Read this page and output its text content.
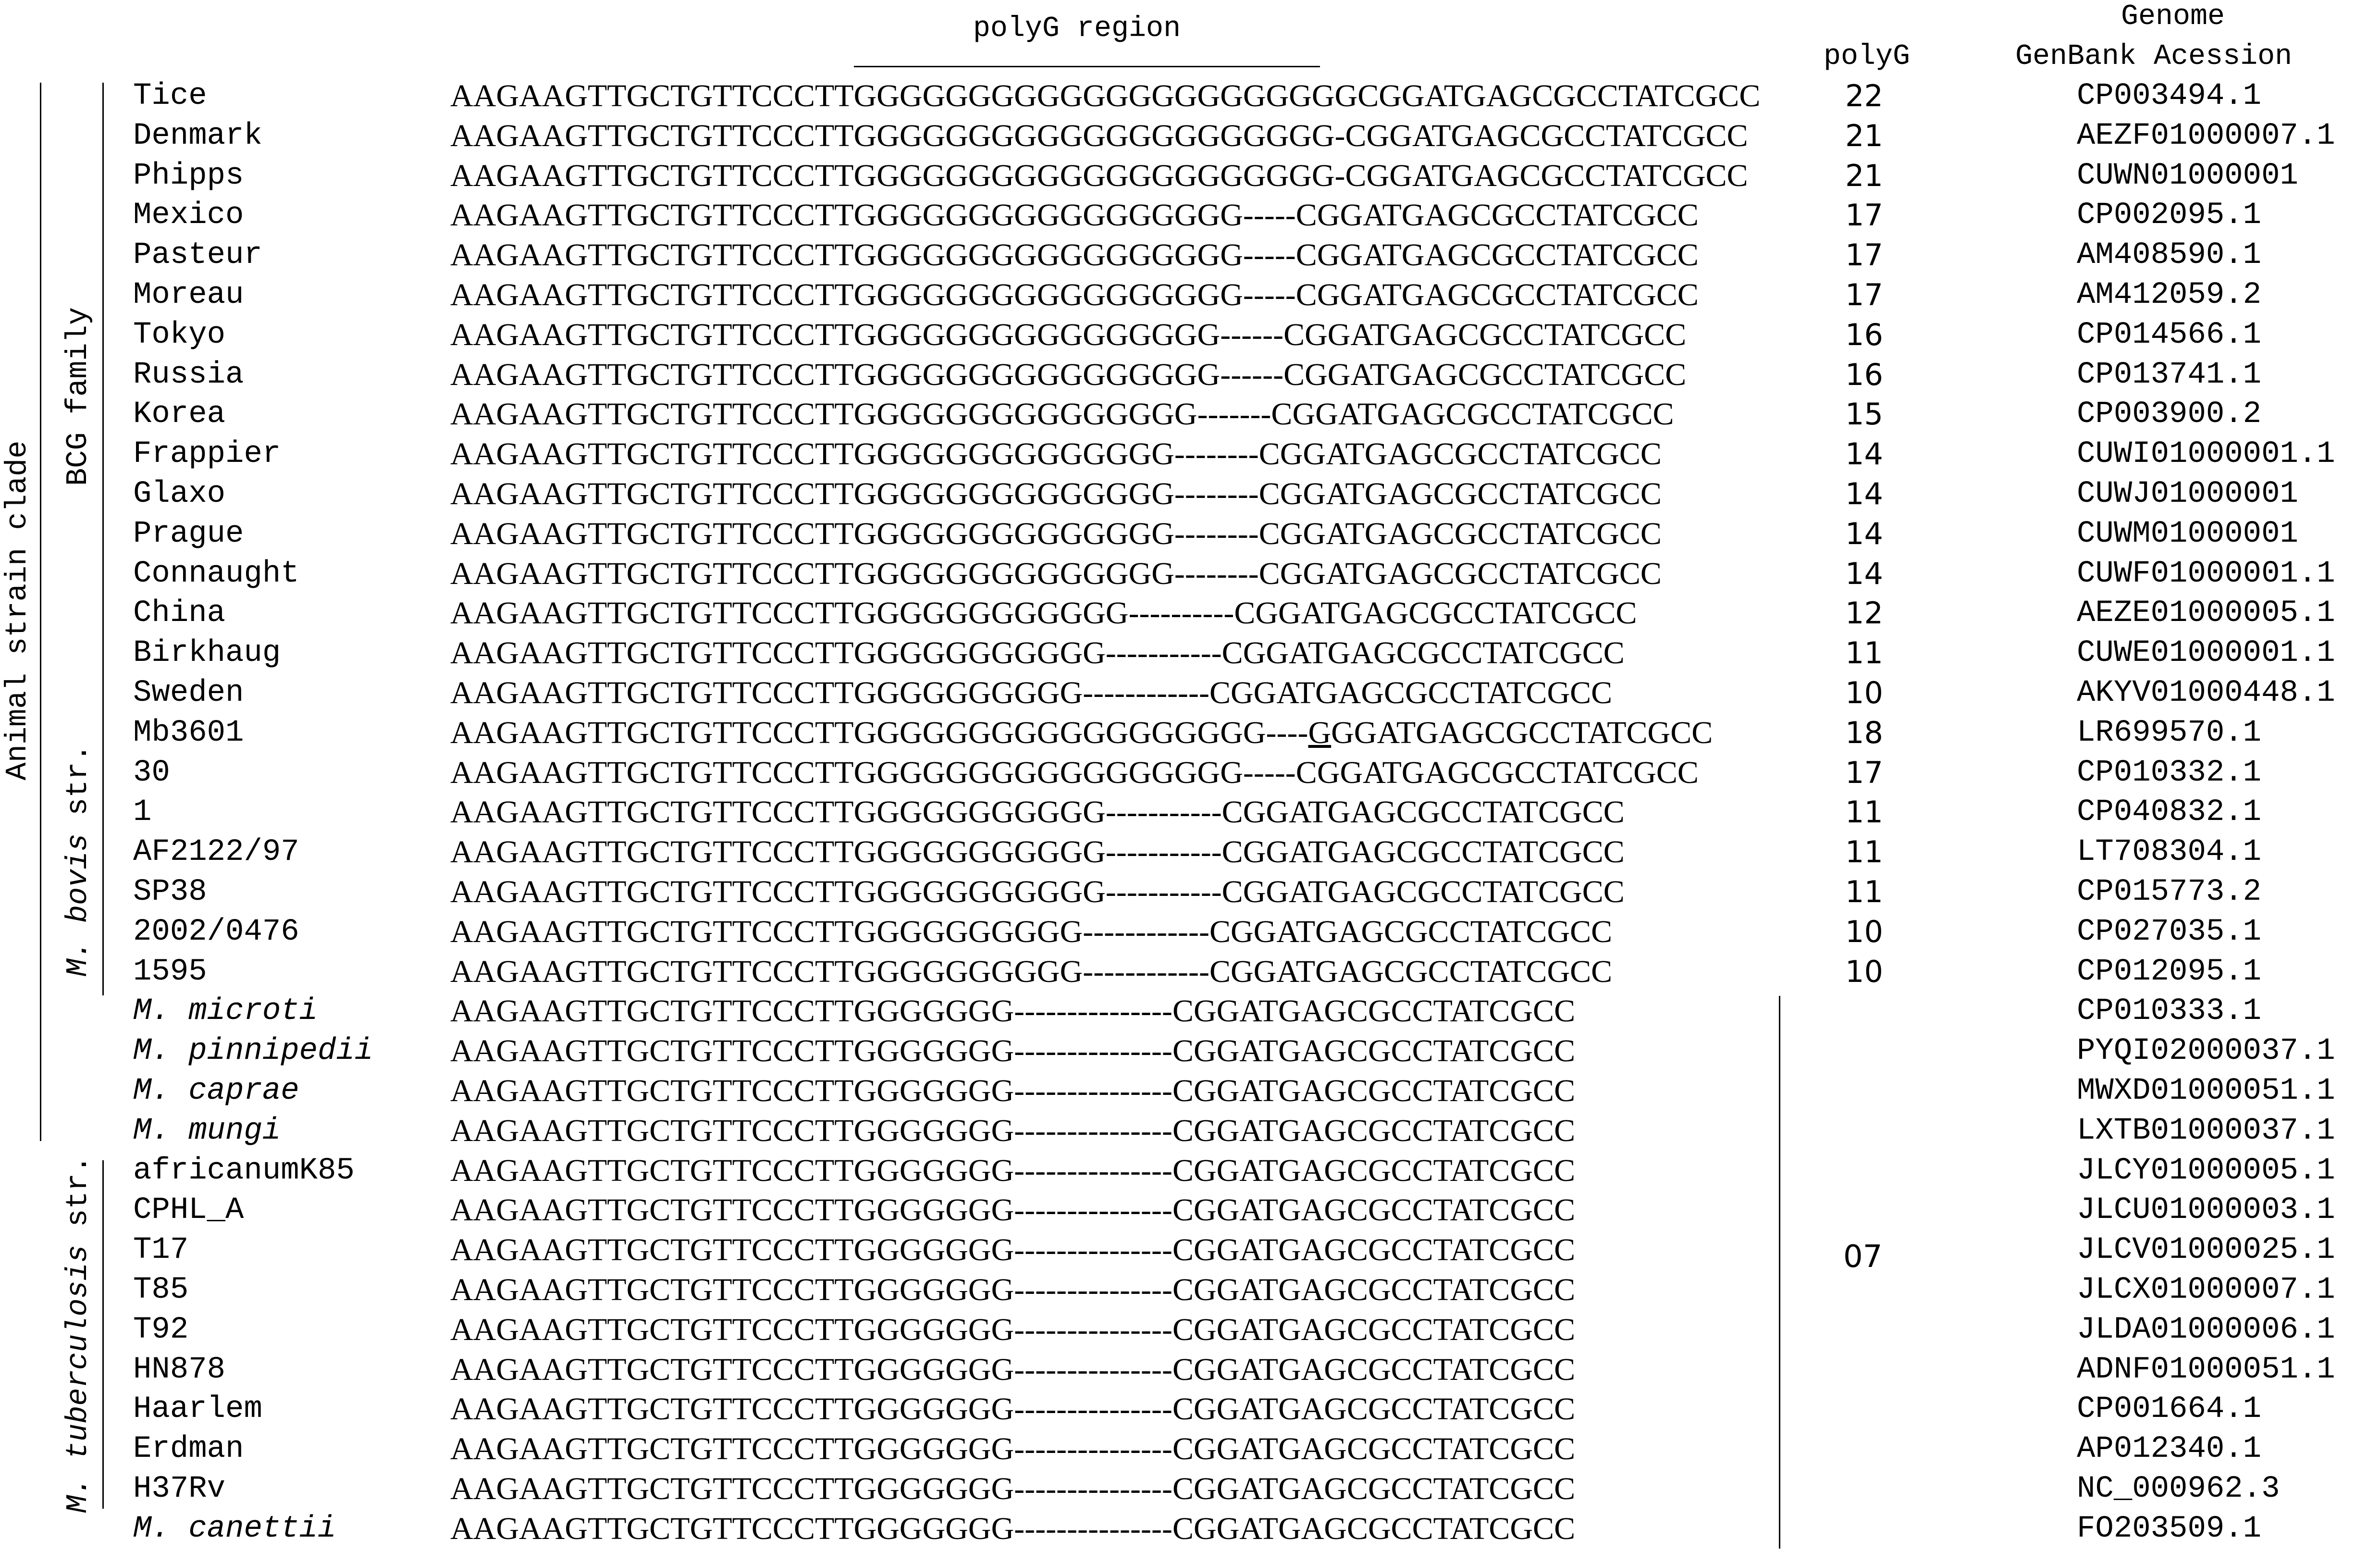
polyG region	Genome
polyG	GenBank Acession
Animal strain clade
BCG family
M. bovis str.
M. tuberculosis str.
07
Tice	AAGAAGTTGCTGTTCCCTTGGGGGGGGGGGGGGGGGGGGGGCGGATGAGCGCCTATCGCC	22	CP003494.1
Denmark	AAGAAGTTGCTGTTCCCTTGGGGGGGGGGGGGGGGGGGGG-CGGATGAGCGCCTATCGCC	21	AEZF01000007.1
Phipps	AAGAAGTTGCTGTTCCCTTGGGGGGGGGGGGGGGGGGGGG-CGGATGAGCGCCTATCGCC	21	CUWN01000001
Mexico	AAGAAGTTGCTGTTCCCTTGGGGGGGGGGGGGGGGG-----CGGATGAGCGCCTATCGCC	17	CP002095.1
Pasteur	AAGAAGTTGCTGTTCCCTTGGGGGGGGGGGGGGGGG-----CGGATGAGCGCCTATCGCC	17	AM408590.1
Moreau	AAGAAGTTGCTGTTCCCTTGGGGGGGGGGGGGGGGG-----CGGATGAGCGCCTATCGCC	17	AM412059.2
Tokyo	AAGAAGTTGCTGTTCCCTTGGGGGGGGGGGGGGGG------CGGATGAGCGCCTATCGCC	16	CP014566.1
Russia	AAGAAGTTGCTGTTCCCTTGGGGGGGGGGGGGGGG------CGGATGAGCGCCTATCGCC	16	CP013741.1
Korea	AAGAAGTTGCTGTTCCCTTGGGGGGGGGGGGGGG-------CGGATGAGCGCCTATCGCC	15	CP003900.2
Frappier	AAGAAGTTGCTGTTCCCTTGGGGGGGGGGGGGG--------CGGATGAGCGCCTATCGCC	14	CUWI01000001.1
Glaxo	AAGAAGTTGCTGTTCCCTTGGGGGGGGGGGGGG--------CGGATGAGCGCCTATCGCC	14	CUWJ01000001
Prague	AAGAAGTTGCTGTTCCCTTGGGGGGGGGGGGGG--------CGGATGAGCGCCTATCGCC	14	CUWM01000001
Connaught	AAGAAGTTGCTGTTCCCTTGGGGGGGGGGGGGG--------CGGATGAGCGCCTATCGCC	14	CUWF01000001.1
China	AAGAAGTTGCTGTTCCCTTGGGGGGGGGGGG----------CGGATGAGCGCCTATCGCC	12	AEZE01000005.1
Birkhaug	AAGAAGTTGCTGTTCCCTTGGGGGGGGGGG-----------CGGATGAGCGCCTATCGCC	11	CUWE01000001.1
Sweden	AAGAAGTTGCTGTTCCCTTGGGGGGGGGG------------CGGATGAGCGCCTATCGCC	10	AKYV01000448.1
Mb3601	AAGAAGTTGCTGTTCCCTTGGGGGGGGGGGGGGGGGG----GGGATGAGCGCCTATCGCC	18	LR699570.1
30	AAGAAGTTGCTGTTCCCTTGGGGGGGGGGGGGGGGG-----CGGATGAGCGCCTATCGCC	17	CP010332.1
1	AAGAAGTTGCTGTTCCCTTGGGGGGGGGGG-----------CGGATGAGCGCCTATCGCC	11	CP040832.1
AF2122/97	AAGAAGTTGCTGTTCCCTTGGGGGGGGGGG-----------CGGATGAGCGCCTATCGCC	11	LT708304.1
SP38	AAGAAGTTGCTGTTCCCTTGGGGGGGGGGG-----------CGGATGAGCGCCTATCGCC	11	CP015773.2
2002/0476	AAGAAGTTGCTGTTCCCTTGGGGGGGGGG------------CGGATGAGCGCCTATCGCC	10	CP027035.1
1595	AAGAAGTTGCTGTTCCCTTGGGGGGGGGG------------CGGATGAGCGCCTATCGCC	10	CP012095.1
M. microti	AAGAAGTTGCTGTTCCCTTGGGGGGG---------------CGGATGAGCGCCTATCGCC	CP010333.1
M. pinnipedii AAGAAGTTGCTGTTCCCTTGGGGGGG---------------CGGATGAGCGCCTATCGCC	PYQI02000037.1
M. caprae	AAGAAGTTGCTGTTCCCTTGGGGGGG---------------CGGATGAGCGCCTATCGCC	MWXD01000051.1
M. mungi	AAGAAGTTGCTGTTCCCTTGGGGGGG---------------CGGATGAGCGCCTATCGCC	LXTB01000037.1
africanumK85	AAGAAGTTGCTGTTCCCTTGGGGGGG---------------CGGATGAGCGCCTATCGCC	JLCY01000005.1
CPHL_A	AAGAAGTTGCTGTTCCCTTGGGGGGG---------------CGGATGAGCGCCTATCGCC	JLCU01000003.1
T17	AAGAAGTTGCTGTTCCCTTGGGGGGG---------------CGGATGAGCGCCTATCGCC	JLCV01000025.1
T85	AAGAAGTTGCTGTTCCCTTGGGGGGG---------------CGGATGAGCGCCTATCGCC	JLCX01000007.1
T92	AAGAAGTTGCTGTTCCCTTGGGGGGG---------------CGGATGAGCGCCTATCGCC	JLDA01000006.1
HN878	AAGAAGTTGCTGTTCCCTTGGGGGGG---------------CGGATGAGCGCCTATCGCC	ADNF01000051.1
Haarlem	AAGAAGTTGCTGTTCCCTTGGGGGGG---------------CGGATGAGCGCCTATCGCC	CP001664.1
Erdman	AAGAAGTTGCTGTTCCCTTGGGGGGG---------------CGGATGAGCGCCTATCGCC	AP012340.1
H37Rv	AAGAAGTTGCTGTTCCCTTGGGGGGG---------------CGGATGAGCGCCTATCGCC	NC_000962.3
M. canettii	AAGAAGTTGCTGTTCCCTTGGGGGGG---------------CGGATGAGCGCCTATCGCC	FO203509.1
